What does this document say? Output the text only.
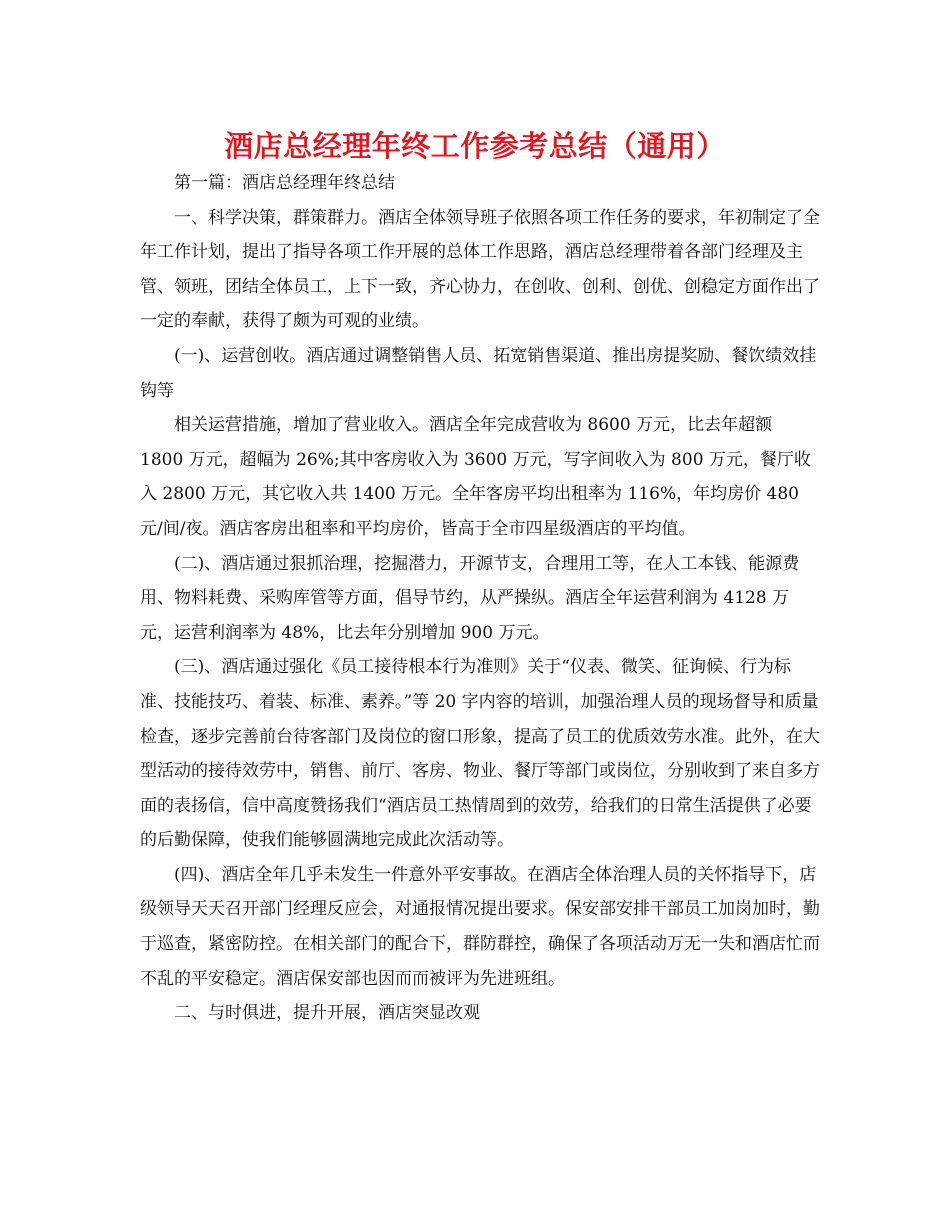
酒店总经理年终工作参考总结（通用）

第一篇：酒店总经理年终总结

一、科学决策，群策群力。酒店全体领导班子依照各项工作任务的要求，年初制定了全年工作计划，提出了指导各项工作开展的总体工作思路，酒店总经理带着各部门经理及主管、领班，团结全体员工，上下一致，齐心协力，在创收、创利、创优、创稳定方面作出了一定的奉献，获得了颇为可观的业绩。

(一)、运营创收。酒店通过调整销售人员、拓宽销售渠道、推出房提奖励、餐饮绩效挂钩等

相关运营措施，增加了营业收入。酒店全年完成营收为 8600 万元，比去年超额 1800 万元，超幅为 26%;其中客房收入为 3600 万元，写字间收入为 800 万元，餐厅收入 2800 万元，其它收入共 1400 万元。全年客房平均出租率为 116%，年均房价 480 元/间/夜。酒店客房出租率和平均房价，皆高于全市四星级酒店的平均值。

(二)、酒店通过狠抓治理，挖掘潜力，开源节支，合理用工等，在人工本钱、能源费用、物料耗费、采购库管等方面，倡导节约，从严操纵。酒店全年运营利润为 4128 万元，运营利润率为 48%，比去年分别增加 900 万元。

(三)、酒店通过强化《员工接待根本行为准则》关于“仪表、微笑、征询候、行为标准、技能技巧、着装、标准、素养。”等 20 字内容的培训，加强治理人员的现场督导和质量检查，逐步完善前台待客部门及岗位的窗口形象，提高了员工的优质效劳水准。此外，在大型活动的接待效劳中，销售、前厅、客房、物业、餐厅等部门或岗位，分别收到了来自多方面的表扬信，信中高度赞扬我们“酒店员工热情周到的效劳，给我们的日常生活提供了必要的后勤保障，使我们能够圆满地完成此次活动等。

(四)、酒店全年几乎未发生一件意外平安事故。在酒店全体治理人员的关怀指导下，店级领导天天召开部门经理反应会，对通报情况提出要求。保安部安排干部员工加岗加时，勤于巡查，紧密防控。在相关部门的配合下，群防群控，确保了各项活动万无一失和酒店忙而不乱的平安稳定。酒店保安部也因而而被评为先进班组。

二、与时俱进，提升开展，酒店突显改观
